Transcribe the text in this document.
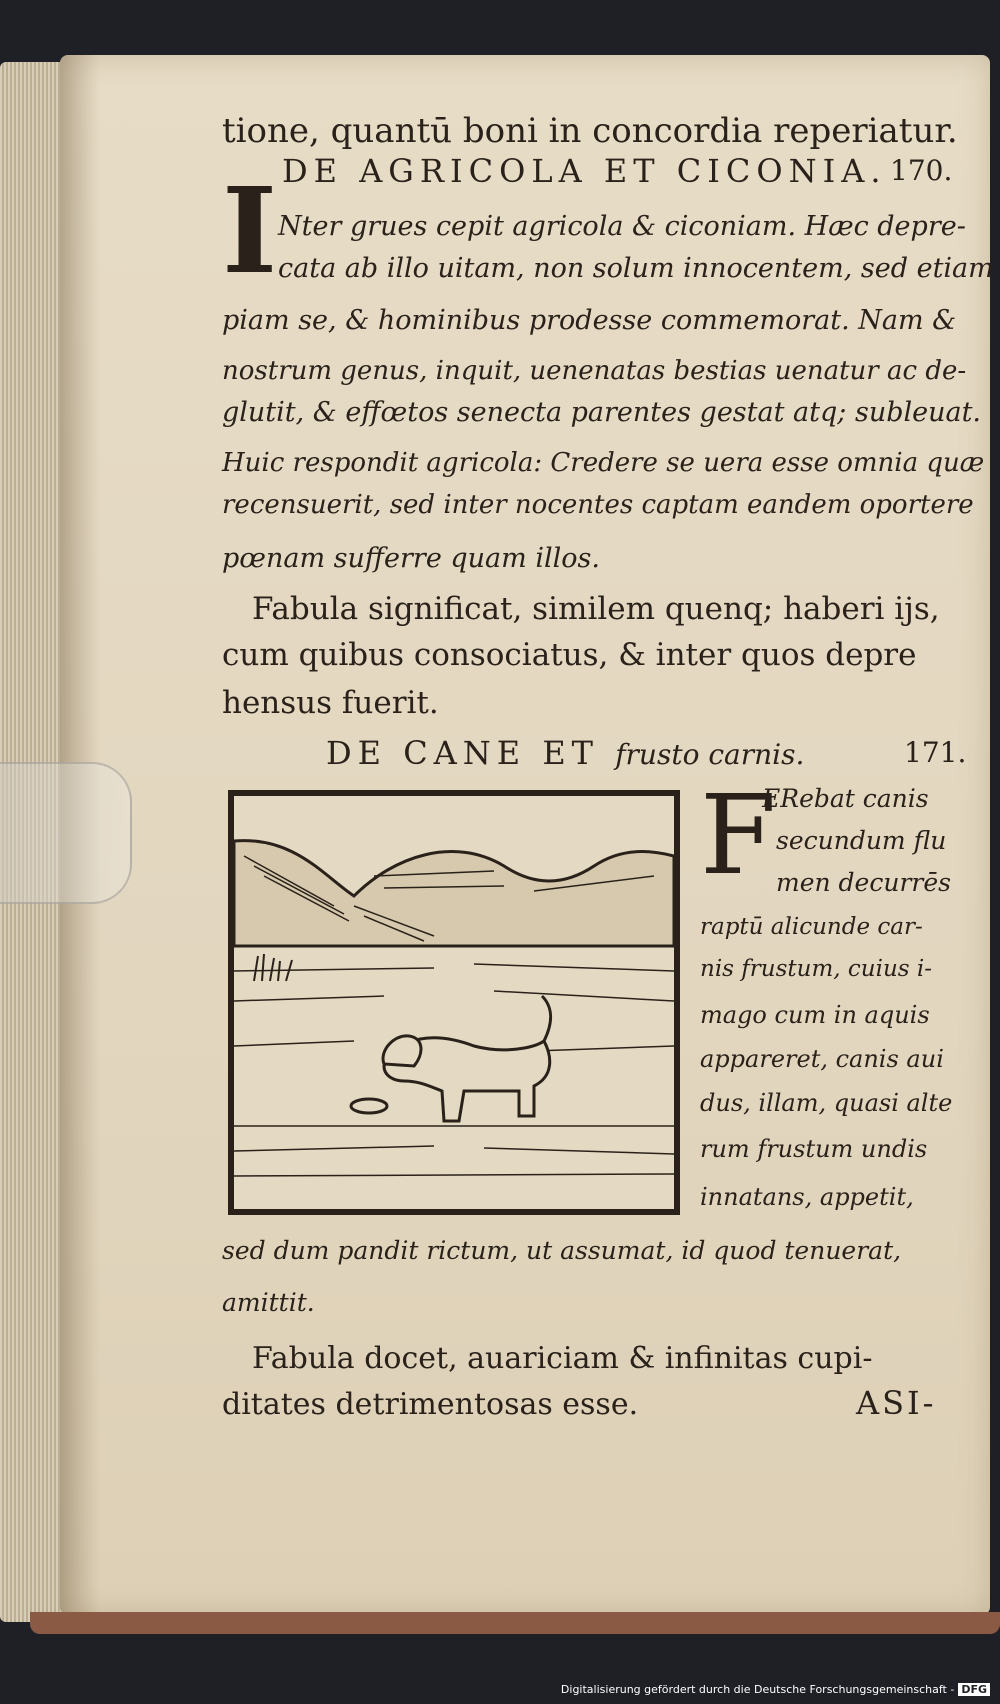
tione, quantū boni in concordia reperiatur.
DE AGRICOLA ET CICONIA. 170.
I Nter grues cepit agricola & ciconiam. Hæc depre-
cata ab illo uitam, non solum innocentem, sed etiam
piam se, & hominibus prodesse commemorat. Nam &
nostrum genus, inquit, uenenatas bestias uenatur ac de-
glutit, & effœtos senecta parentes gestat atq; subleuat.
Huic respondit agricola: Credere se uera esse omnia quæ
recensuerit, sed inter nocentes captam eandem oportere
pœnam sufferre quam illos.
Fabula significat, similem quenq; haberi ijs,
cum quibus consociatus, & inter quos depre
hensus fuerit.
DE CANE ET frusto carnis.	171.
F
ERebat canis
secundum flu
men decurrēs
raptū alicunde car-
nis frustum, cuius i-
mago cum in aquis
appareret, canis aui
dus, illam, quasi alte
rum frustum undis
innatans, appetit,
sed dum pandit rictum, ut assumat, id quod tenuerat,
amittit.
Fabula docet, auariciam & infinitas cupi-
ditates detrimentosas esse.	ASI-
Digitalisierung gefördert durch die Deutsche Forschungsgemeinschaft - DFG
